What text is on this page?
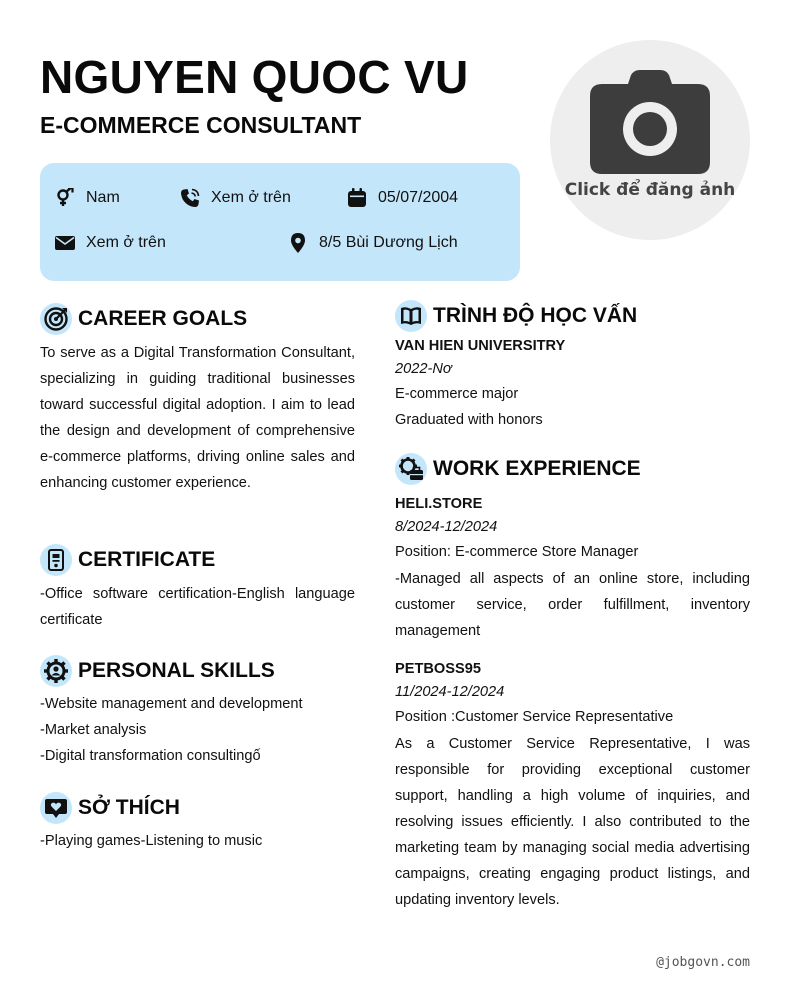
NGUYEN QUOC VU
E-COMMERCE CONSULTANT
Click để đăng ảnh
Nam	Xem ở trên	05/07/2004
Xem ở trên	8/5 Bùi Dương Lịch
CAREER GOALS
To serve as a Digital Transformation Consultant, specializing in guiding traditional businesses toward successful digital adoption. I aim to lead the design and development of comprehensive e-commerce platforms, driving online sales and enhancing customer experience.
CERTIFICATE
-Office software certification-English language certificate
PERSONAL SKILLS
-Website management and development
-Market analysis
-Digital transformation consultingố
SỞ THÍCH
-Playing games-Listening to music
TRÌNH ĐỘ HỌC VẤN
VAN HIEN UNIVERSITRY
2022-Nơ
E-commerce major
Graduated with honors
WORK EXPERIENCE
HELI.STORE
8/2024-12/2024
Position: E-commerce Store Manager
-Managed all aspects of an online store, including customer service, order fulfillment, inventory management
PETBOSS95
11/2024-12/2024
Position :Customer Service Representative
As a Customer Service Representative, I was responsible for providing exceptional customer support, handling a high volume of inquiries, and resolving issues efficiently. I also contributed to the marketing team by managing social media advertising campaigns, creating engaging product listings, and updating inventory levels.
@jobgovn.com
